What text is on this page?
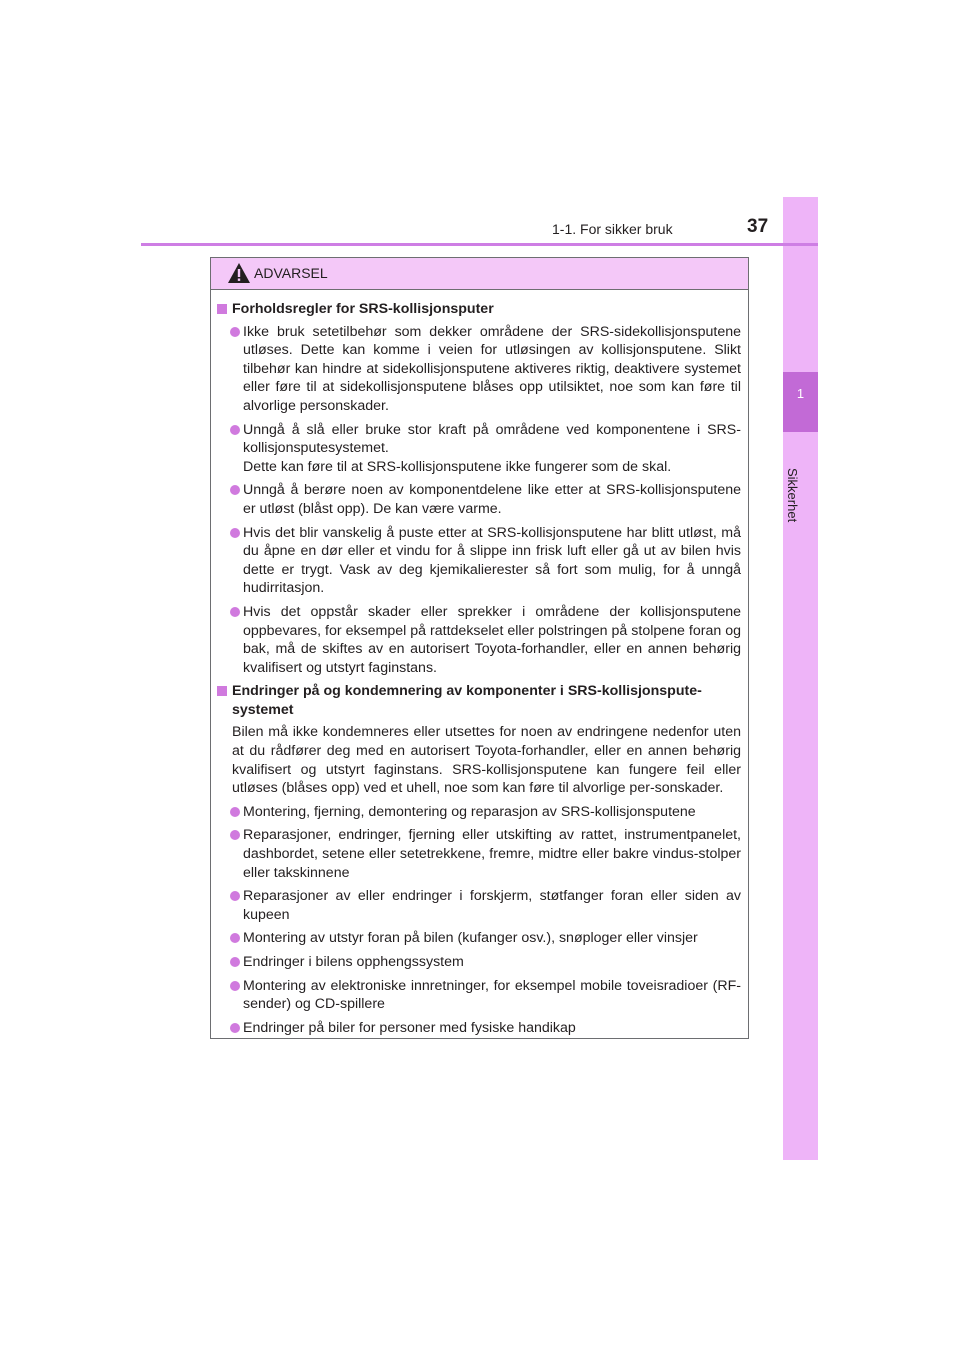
1
Sikkerhet
1-1. For sikker bruk	37
ADVARSEL
Forholdsregler for SRS-kollisjonsputer
Ikke bruk setetilbehør som dekker områdene der SRS-sidekollisjonsputene utløses. Dette kan komme i veien for utløsingen av kollisjonsputene. Slikt tilbehør kan hindre at sidekollisjonsputene aktiveres riktig, deaktivere systemet eller føre til at sidekollisjonsputene blåses opp utilsiktet, noe som kan føre til alvorlige personskader.
Unngå å slå eller bruke stor kraft på områdene ved komponentene i SRS-kollisjonsputesystemet.
Dette kan føre til at SRS-kollisjonsputene ikke fungerer som de skal.
Unngå å berøre noen av komponentdelene like etter at SRS-kollisjonsputene er utløst (blåst opp). De kan være varme.
Hvis det blir vanskelig å puste etter at SRS-kollisjonsputene har blitt utløst, må du åpne en dør eller et vindu for å slippe inn frisk luft eller gå ut av bilen hvis dette er trygt. Vask av deg kjemikalierester så fort som mulig, for å unngå hudirritasjon.
Hvis det oppstår skader eller sprekker i områdene der kollisjonsputene oppbevares, for eksempel på rattdekselet eller polstringen på stolpene foran og bak, må de skiftes av en autorisert Toyota-forhandler, eller en annen behørig kvalifisert og utstyrt faginstans.
Endringer på og kondemnering av komponenter i SRS-kollisjonspute-systemet
Bilen må ikke kondemneres eller utsettes for noen av endringene nedenfor uten at du rådfører deg med en autorisert Toyota-forhandler, eller en annen behørig kvalifisert og utstyrt faginstans. SRS-kollisjonsputene kan fungere feil eller utløses (blåses opp) ved et uhell, noe som kan føre til alvorlige per-sonskader.
Montering, fjerning, demontering og reparasjon av SRS-kollisjonsputene
Reparasjoner, endringer, fjerning eller utskifting av rattet, instrumentpanelet, dashbordet, setene eller setetrekkene, fremre, midtre eller bakre vindus-stolper eller takskinnene
Reparasjoner av eller endringer i forskjerm, støtfanger foran eller siden av kupeen
Montering av utstyr foran på bilen (kufanger osv.), snøploger eller vinsjer
Endringer i bilens opphengssystem
Montering av elektroniske innretninger, for eksempel mobile toveisradioer (RF-sender) og CD-spillere
Endringer på biler for personer med fysiske handikap
